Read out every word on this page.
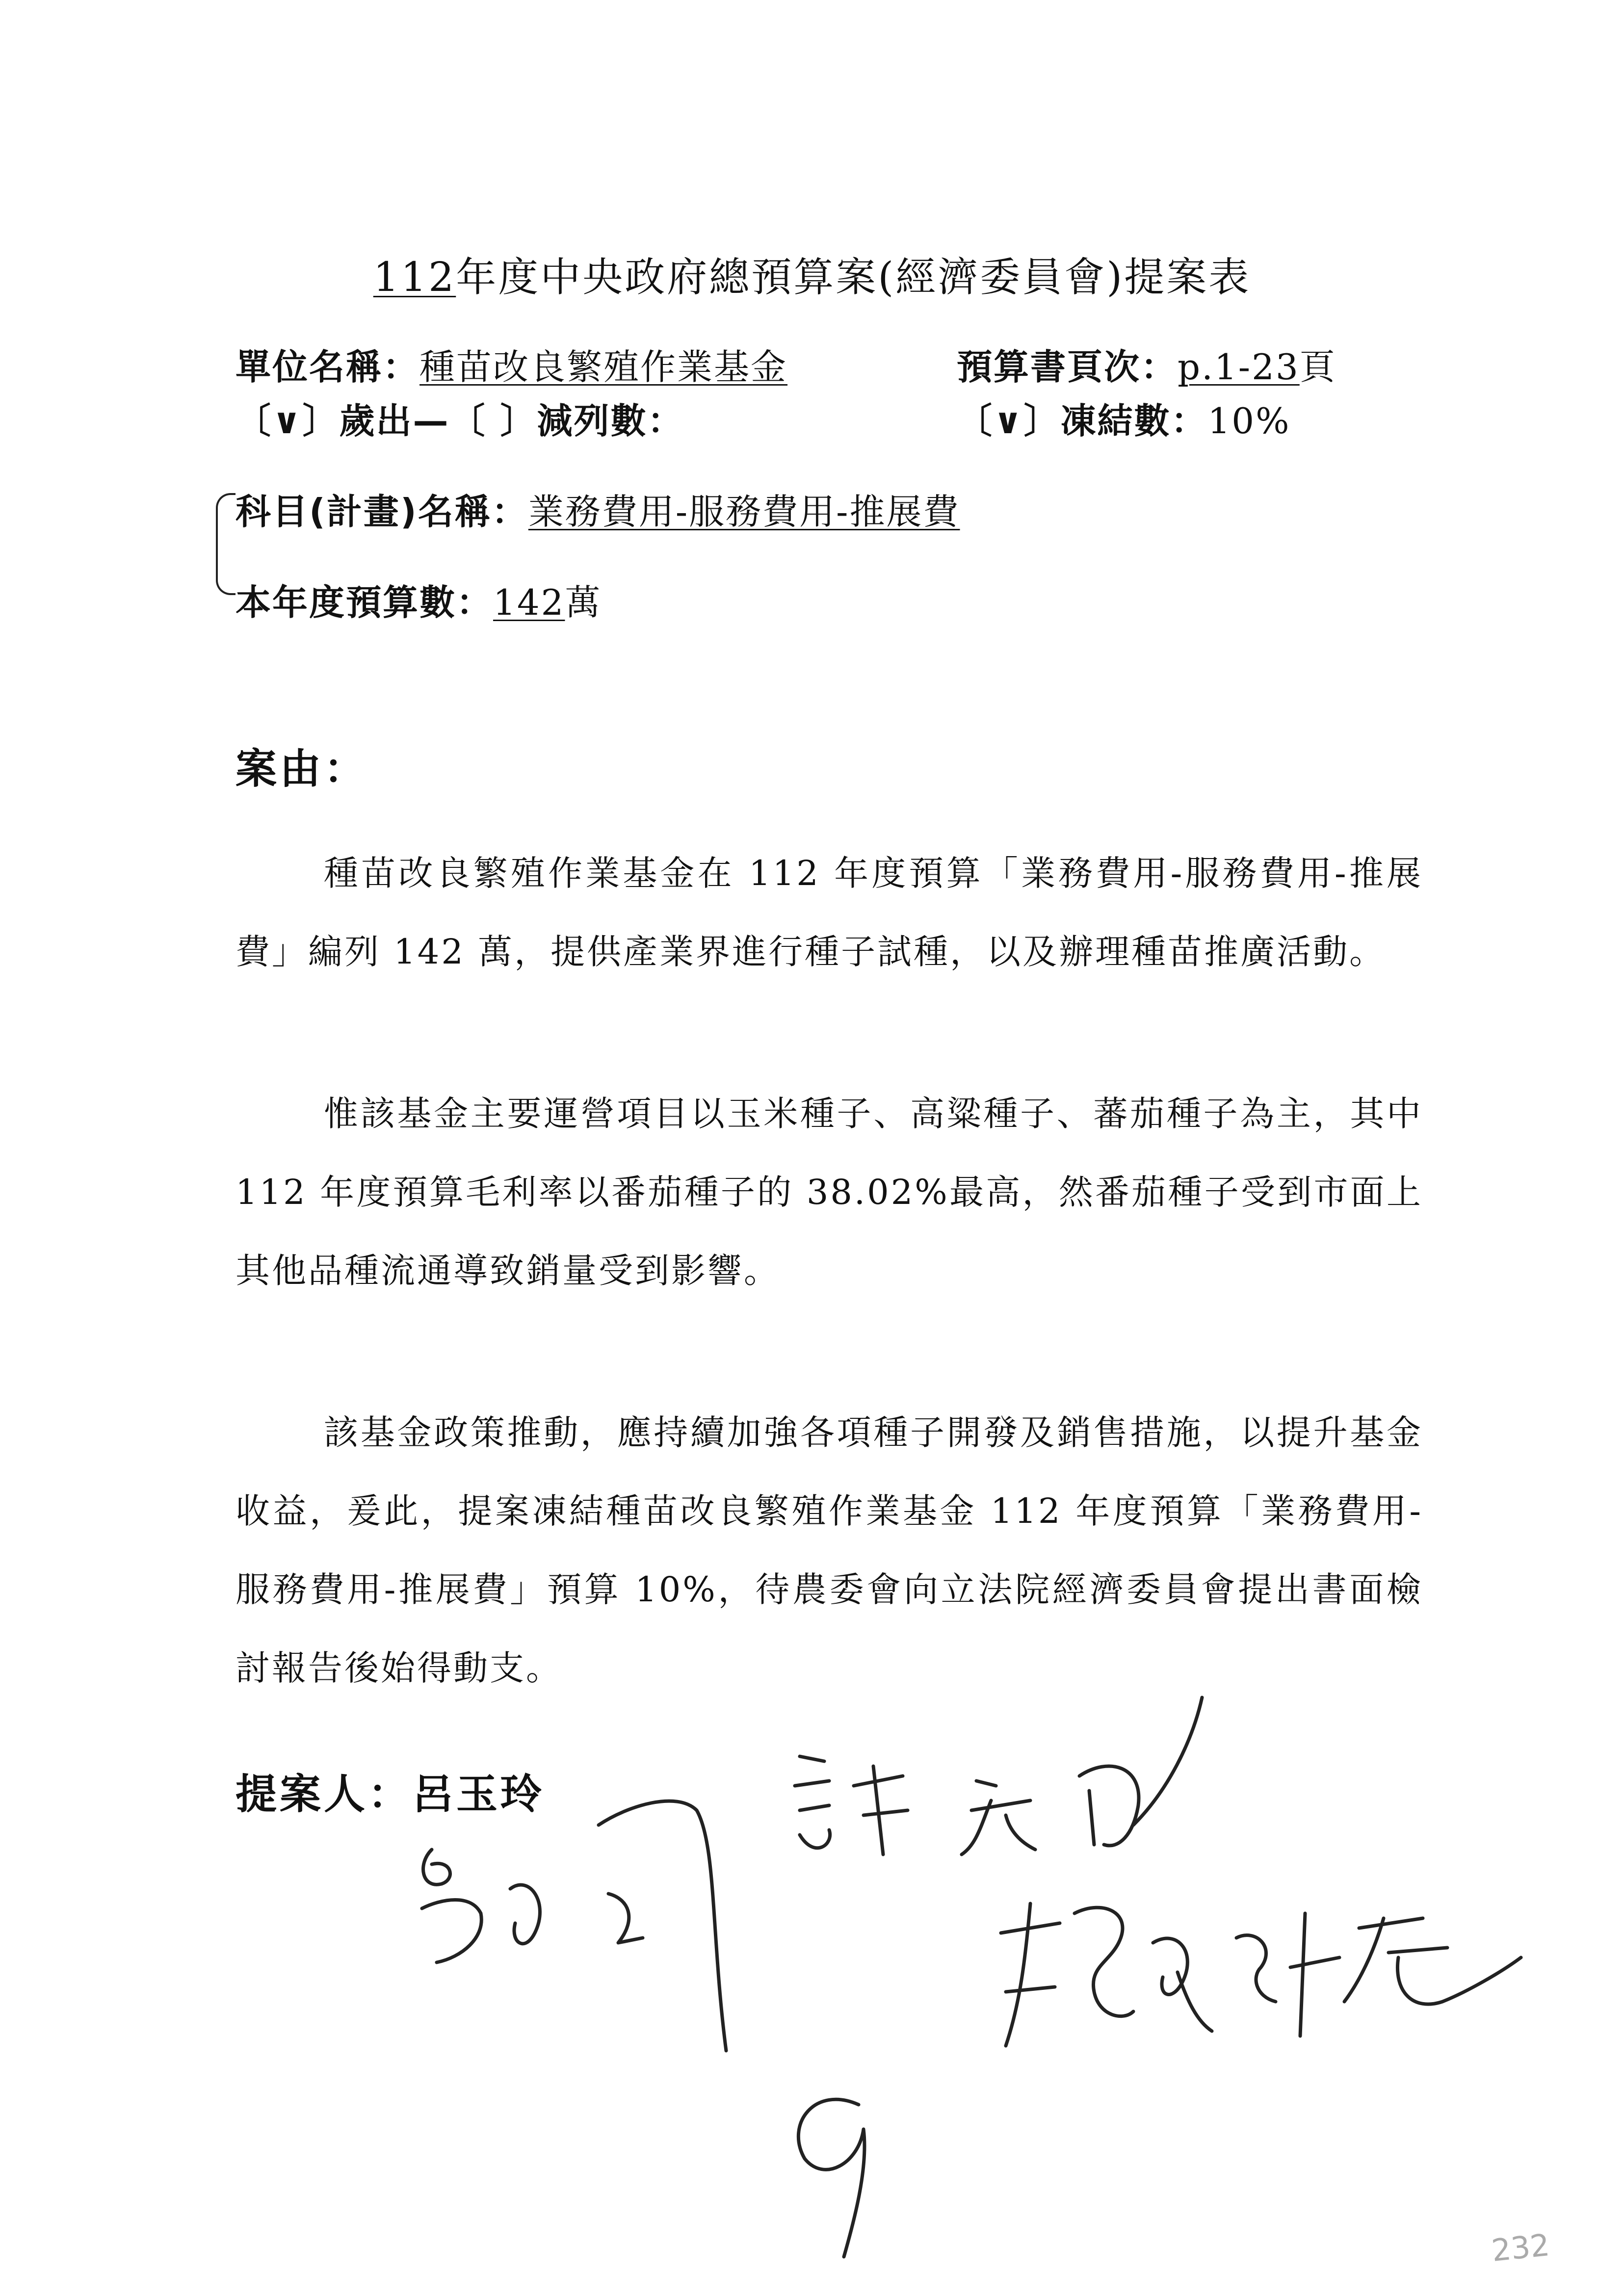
112年度中央政府總預算案(經濟委員會)提案表
單位名稱：種苗改良繁殖作業基金	預算書頁次：p.1-23頁
〔∨〕歲出—〔 〕減列數：	〔∨〕凍結數：10%
科目(計畫)名稱：業務費用-服務費用-推展費
本年度預算數：142萬
案由：
種苗改良繁殖作業基金在 112 年度預算「業務費用-服務費用-推展費」編列 142 萬，提供產業界進行種子試種，以及辦理種苗推廣活動。
惟該基金主要運營項目以玉米種子、高粱種子、蕃茄種子為主，其中 112 年度預算毛利率以番茄種子的 38.02%最高，然番茄種子受到市面上其他品種流通導致銷量受到影響。
該基金政策推動，應持續加強各項種子開發及銷售措施，以提升基金收益，爰此，提案凍結種苗改良繁殖作業基金 112 年度預算「業務費用-服務費用-推展費」預算 10%，待農委會向立法院經濟委員會提出書面檢討報告後始得動支。
提案人：呂玉玲
232
